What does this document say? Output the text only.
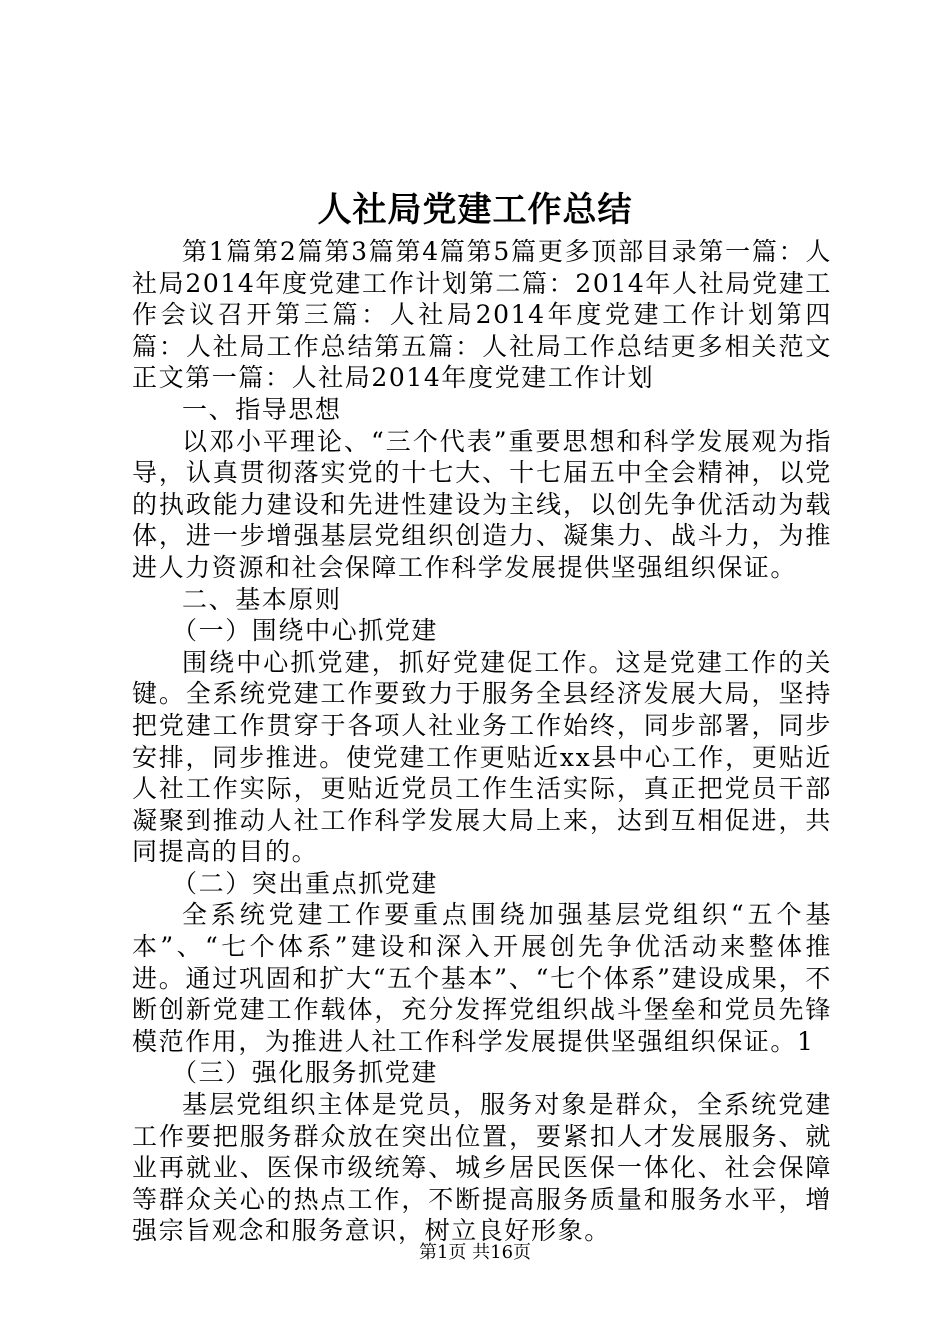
人社局党建工作总结

第1篇第2篇第3篇第4篇第5篇更多顶部目录第一篇：人社局2014年度党建工作计划第二篇：2014年人社局党建工作会议召开第三篇：人社局2014年度党建工作计划第四篇：人社局工作总结第五篇：人社局工作总结更多相关范文正文第一篇：人社局2014年度党建工作计划

一、指导思想

以邓小平理论、“三个代表”重要思想和科学发展观为指导，认真贯彻落实党的十七大、十七届五中全会精神，以党的执政能力建设和先进性建设为主线，以创先争优活动为载体，进一步增强基层党组织创造力、凝集力、战斗力，为推进人力资源和社会保障工作科学发展提供坚强组织保证。

二、基本原则

（一）围绕中心抓党建

围绕中心抓党建，抓好党建促工作。这是党建工作的关键。全系统党建工作要致力于服务全县经济发展大局，坚持把党建工作贯穿于各项人社业务工作始终，同步部署，同步安排，同步推进。使党建工作更贴近xx县中心工作，更贴近人社工作实际，更贴近党员工作生活实际，真正把党员干部凝聚到推动人社工作科学发展大局上来，达到互相促进，共同提高的目的。

（二）突出重点抓党建

全系统党建工作要重点围绕加强基层党组织“五个基本”、“七个体系”建设和深入开展创先争优活动来整体推进。通过巩固和扩大“五个基本”、“七个体系”建设成果，不断创新党建工作载体，充分发挥党组织战斗堡垒和党员先锋模范作用，为推进人社工作科学发展提供坚强组织保证。1

（三）强化服务抓党建

基层党组织主体是党员，服务对象是群众，全系统党建工作要把服务群众放在突出位置，要紧扣人才发展服务、就业再就业、医保市级统筹、城乡居民医保一体化、社会保障等群众关心的热点工作，不断提高服务质量和服务水平，增强宗旨观念和服务意识，树立良好形象。

第1页 共16页
